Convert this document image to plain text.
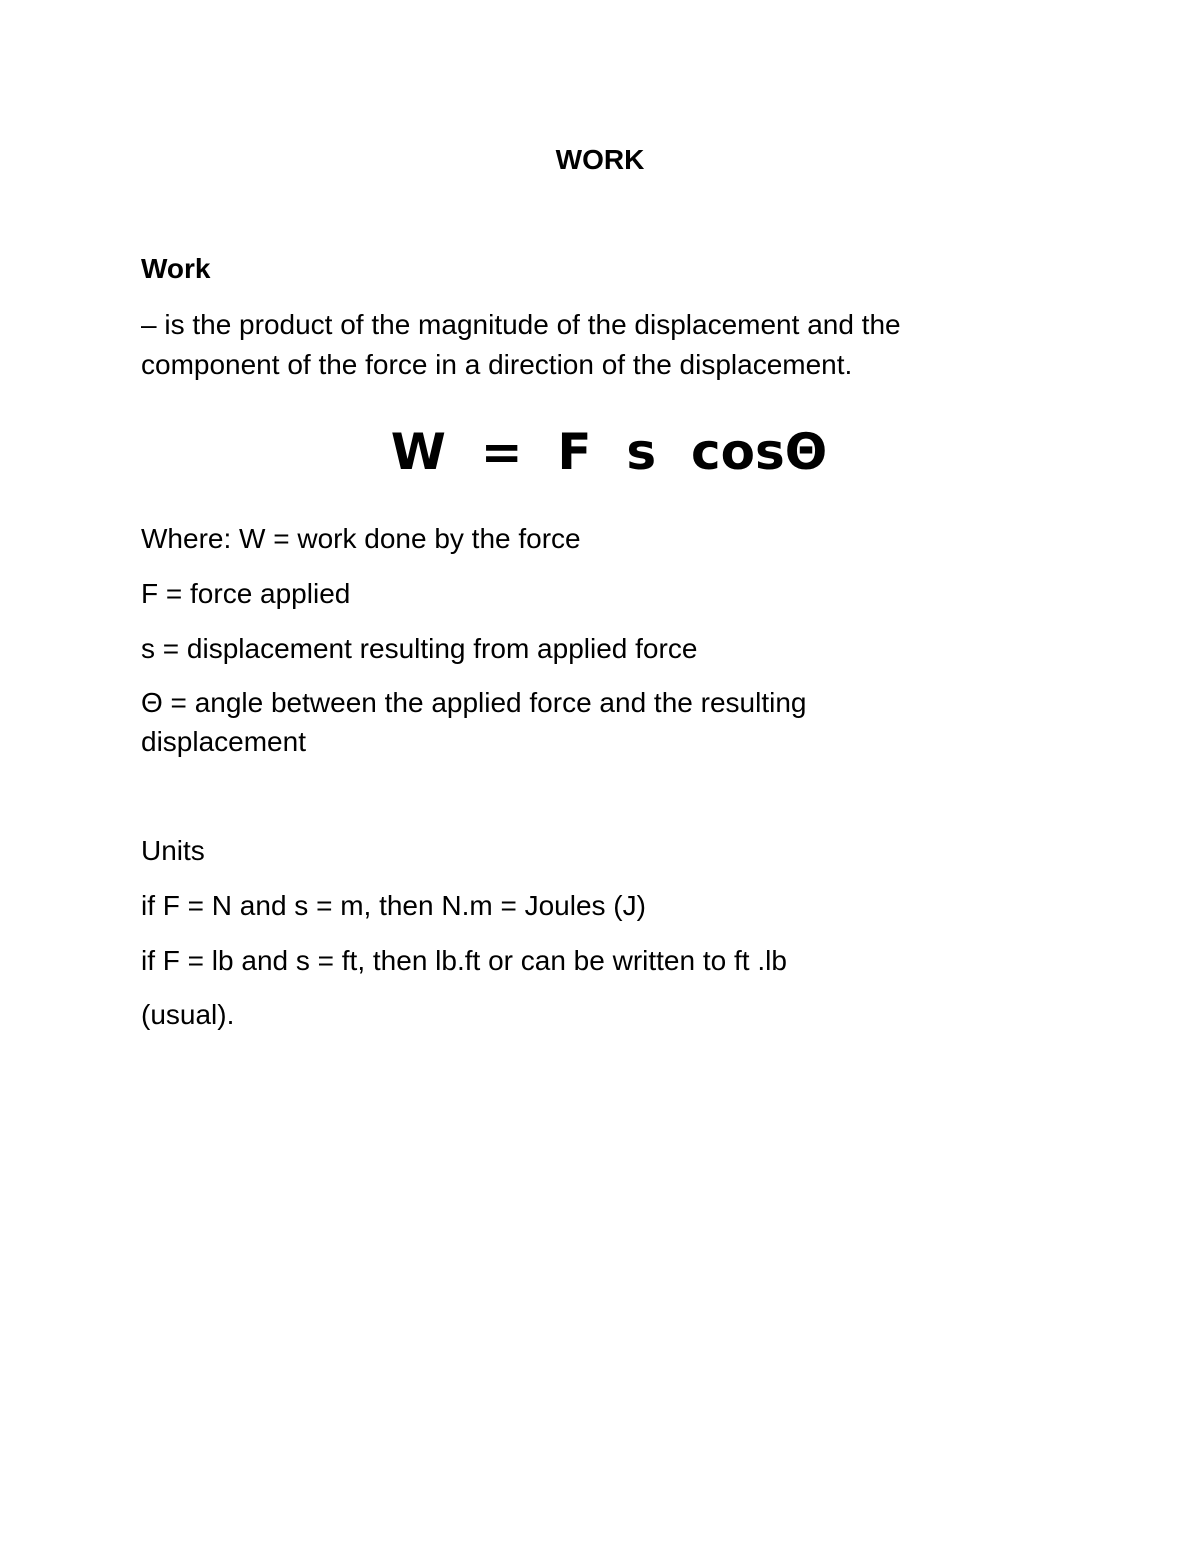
WORK
Work
– is the product of the magnitude of the displacement and the
component of the force in a direction of the displacement.
W  =  F  s  cosΘ
Where: W = work done by the force
F = force applied
s = displacement resulting from applied force
Θ = angle between the applied force and the resulting
displacement
Units
if F = N and s = m, then N.m = Joules (J)
if F = lb and s = ft, then lb.ft or can be written to ft .lb
(usual).
